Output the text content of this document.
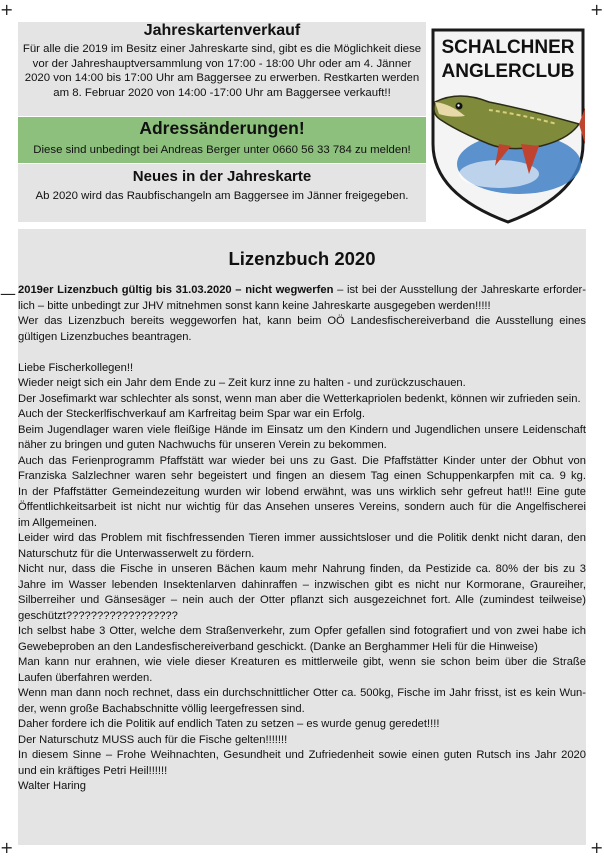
+	+
+	+
—
Jahreskartenverkauf
Für alle die 2019 im Besitz einer Jahreskarte sind, gibt es die Möglichkeit diese
vor der Jahreshauptversammlung von 17:00 - 18:00 Uhr oder am 4. Jänner
2020 von 14:00 bis 17:00 Uhr am Baggersee zu erwerben. Restkarten werden
am 8. Februar 2020 von 14:00 -17:00 Uhr am Baggersee verkauft!!
Adressänderungen!
Diese sind unbedingt bei Andreas Berger unter 0660 56 33 784 zu melden!
Neues in der Jahreskarte
Ab 2020 wird das Raubfischangeln am Baggersee im Jänner freigegeben.
SCHALCHNER
ANGLERCLUB
Lizenzbuch 2020
2019er Lizenzbuch gültig bis 31.03.2020 – nicht wegwerfen – ist bei der Ausstellung der Jahreskarte erforder-
lich – bitte unbedingt zur JHV mitnehmen sonst kann keine Jahreskarte ausgegeben werden!!!!!
Wer das Lizenzbuch bereits weggeworfen hat, kann beim OÖ Landesfischereiverband die Ausstellung eines
gültigen Lizenzbuches beantragen.
Liebe Fischerkollegen!!
Wieder neigt sich ein Jahr dem Ende zu – Zeit kurz inne zu halten - und zurückzuschauen.
Der Josefimarkt war schlechter als sonst, wenn man aber die Wetterkapriolen bedenkt, können wir zufrieden sein.
Auch der Steckerlfischverkauf am Karfreitag beim Spar war ein Erfolg.
Beim Jugendlager waren viele fleißige Hände im Einsatz um den Kindern und Jugendlichen unsere Leidenschaft
näher zu bringen und guten Nachwuchs für unseren Verein zu bekommen.
Auch das Ferienprogramm Pfaffstätt war wieder bei uns zu Gast. Die Pfaffstätter Kinder unter der Obhut von
Franziska Salzlechner waren sehr begeistert und fingen an diesem Tag einen Schuppenkarpfen mit ca. 9 kg.
In der Pfaffstätter Gemeindezeitung wurden wir lobend erwähnt, was uns wirklich sehr gefreut hat!!! Eine gute
Öffentlichkeitsarbeit ist nicht nur wichtig für das Ansehen unseres Vereins, sondern auch für die Angelfischerei
im Allgemeinen.
Leider wird das Problem mit fischfressenden Tieren immer aussichtsloser und die Politik denkt nicht daran, den
Naturschutz für die Unterwasserwelt zu fördern.
Nicht nur, dass die Fische in unseren Bächen kaum mehr Nahrung finden, da Pestizide ca. 80% der bis zu 3
Jahre im Wasser lebenden Insektenlarven dahinraffen – inzwischen gibt es nicht nur Kormorane, Graureiher,
Silberreiher und Gänsesäger – nein auch der Otter pflanzt sich ausgezeichnet fort. Alle (zumindest teilweise)
geschützt??????????????????
Ich selbst habe 3 Otter, welche dem Straßenverkehr, zum Opfer gefallen sind fotografiert und von zwei habe ich
Gewebeproben an den Landesfischereiverband geschickt. (Danke an Berghammer Heli für die Hinweise)
Man kann nur erahnen, wie viele dieser Kreaturen es mittlerweile gibt, wenn sie schon beim über die Straße
Laufen überfahren werden.
Wenn man dann noch rechnet, dass ein durchschnittlicher Otter ca. 500kg, Fische im Jahr frisst, ist es kein Wun-
der, wenn große Bachabschnitte völlig leergefressen sind.
Daher fordere ich die Politik auf endlich Taten zu setzen – es wurde genug geredet!!!!
Der Naturschutz MUSS auch für die Fische gelten!!!!!!!
In diesem Sinne – Frohe Weihnachten, Gesundheit und Zufriedenheit sowie einen guten Rutsch ins Jahr 2020
und ein kräftiges Petri Heil!!!!!!
Walter Haring
